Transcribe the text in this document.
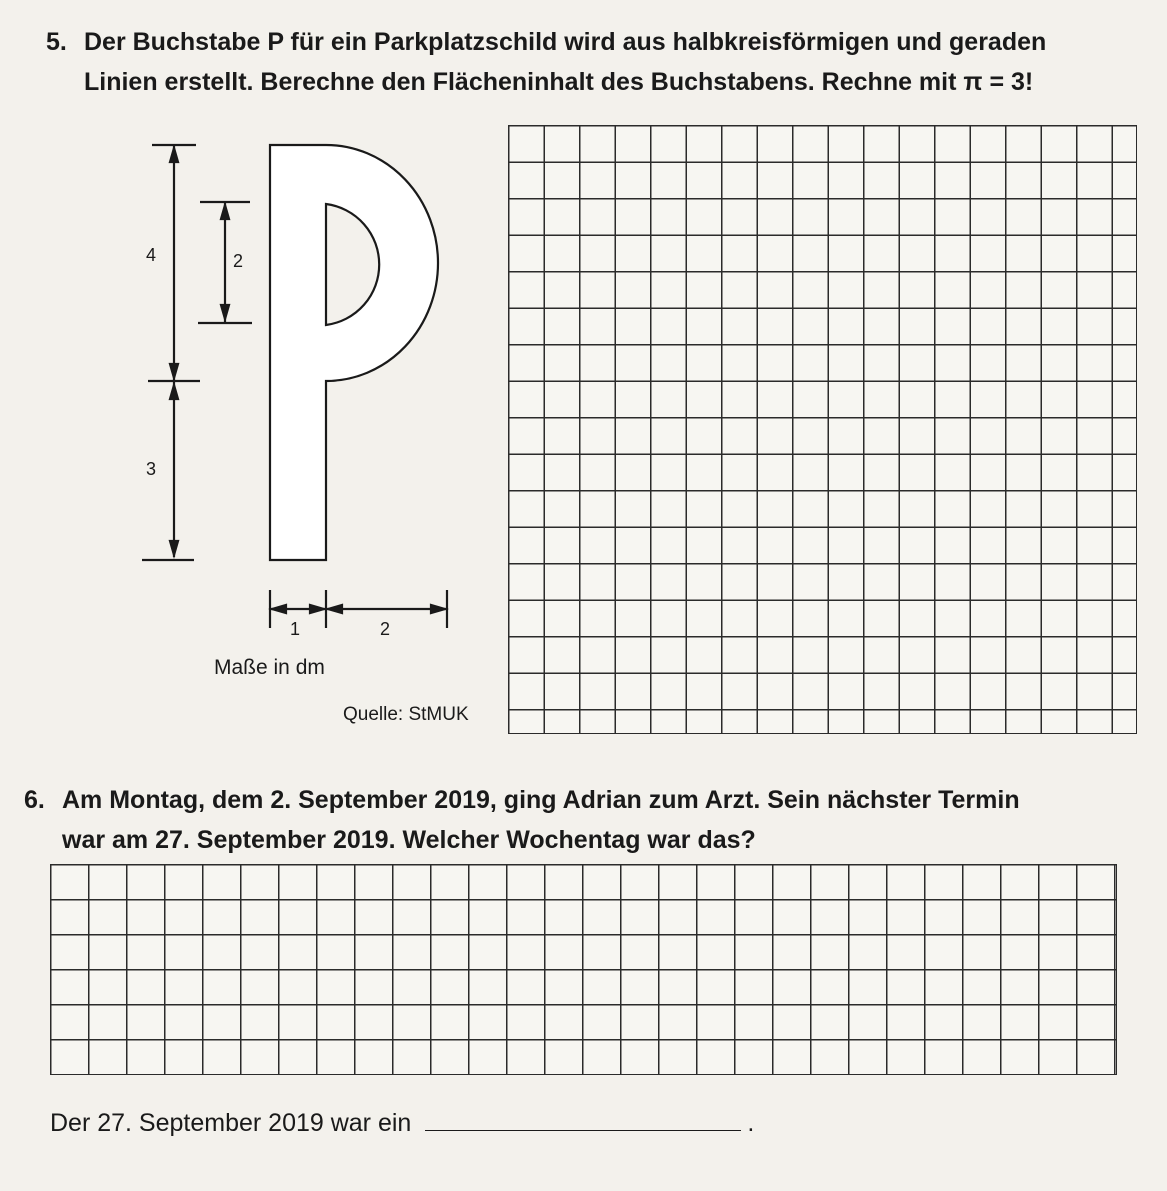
5. Der Buchstabe P für ein Parkplatzschild wird aus halbkreisförmigen und geraden
Linien erstellt. Berechne den Flächeninhalt des Buchstabens. Rechne mit π = 3!
4	2
3
1	2
Maße in dm
Quelle: StMUK
6. Am Montag, dem 2. September 2019, ging Adrian zum Arzt. Sein nächster Termin
war am 27. September 2019. Welcher Wochentag war das?
Der 27. September 2019 war ein	.
